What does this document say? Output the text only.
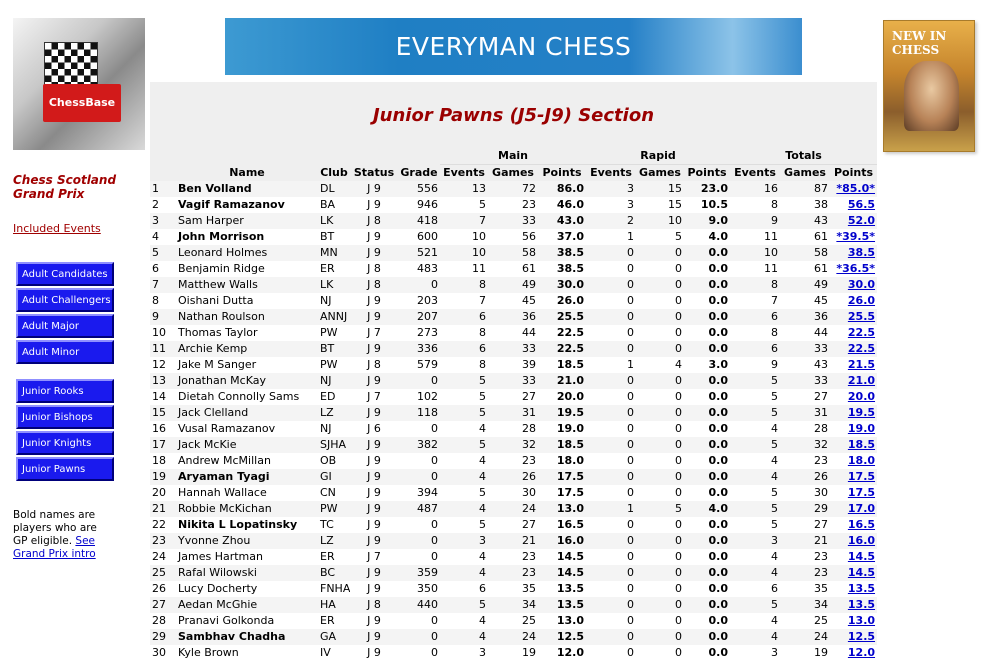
ChessBase
Chess Scotland Grand Prix
Included Events
Adult Candidates
Adult Challengers
Adult Major
Adult Minor
Junior Rooks
Junior Bishops
Junior Knights
Junior Pawns
Bold names are players who are GP eligible. See Grand Prix intro
EVERYMAN CHESS	NEW IN CHESS
Junior Pawns (J5-J9) Section
					Main			Rapid			Totals		
	Name	Club	Status	Grade	Events	Games	Points	Events	Games	Points	Events	Games	Points
1	Ben Volland	DL	J 9	556	13	72	86.0	3	15	23.0	16	87	*85.0*
2	Vagif Ramazanov	BA	J 9	946	5	23	46.0	3	15	10.5	8	38	56.5
3	Sam Harper	LK	J 8	418	7	33	43.0	2	10	9.0	9	43	52.0
4	John Morrison	BT	J 9	600	10	56	37.0	1	5	4.0	11	61	*39.5*
5	Leonard Holmes	MN	J 9	521	10	58	38.5	0	0	0.0	10	58	38.5
6	Benjamin Ridge	ER	J 8	483	11	61	38.5	0	0	0.0	11	61	*36.5*
7	Matthew Walls	LK	J 8	0	8	49	30.0	0	0	0.0	8	49	30.0
8	Oishani Dutta	NJ	J 9	203	7	45	26.0	0	0	0.0	7	45	26.0
9	Nathan Roulson	ANNJ	J 9	207	6	36	25.5	0	0	0.0	6	36	25.5
10	Thomas Taylor	PW	J 7	273	8	44	22.5	0	0	0.0	8	44	22.5
11	Archie Kemp	BT	J 9	336	6	33	22.5	0	0	0.0	6	33	22.5
12	Jake M Sanger	PW	J 8	579	8	39	18.5	1	4	3.0	9	43	21.5
13	Jonathan McKay	NJ	J 9	0	5	33	21.0	0	0	0.0	5	33	21.0
14	Dietah Connolly Sams	ED	J 7	102	5	27	20.0	0	0	0.0	5	27	20.0
15	Jack Clelland	LZ	J 9	118	5	31	19.5	0	0	0.0	5	31	19.5
16	Vusal Ramazanov	NJ	J 6	0	4	28	19.0	0	0	0.0	4	28	19.0
17	Jack McKie	SJHA	J 9	382	5	32	18.5	0	0	0.0	5	32	18.5
18	Andrew McMillan	OB	J 9	0	4	23	18.0	0	0	0.0	4	23	18.0
19	Aryaman Tyagi	GI	J 9	0	4	26	17.5	0	0	0.0	4	26	17.5
20	Hannah Wallace	CN	J 9	394	5	30	17.5	0	0	0.0	5	30	17.5
21	Robbie McKichan	PW	J 9	487	4	24	13.0	1	5	4.0	5	29	17.0
22	Nikita L Lopatinsky	TC	J 9	0	5	27	16.5	0	0	0.0	5	27	16.5
23	Yvonne Zhou	LZ	J 9	0	3	21	16.0	0	0	0.0	3	21	16.0
24	James Hartman	ER	J 7	0	4	23	14.5	0	0	0.0	4	23	14.5
25	Rafal Wilowski	BC	J 9	359	4	23	14.5	0	0	0.0	4	23	14.5
26	Lucy Docherty	FNHA	J 9	350	6	35	13.5	0	0	0.0	6	35	13.5
27	Aedan McGhie	HA	J 8	440	5	34	13.5	0	0	0.0	5	34	13.5
28	Pranavi Golkonda	ER	J 9	0	4	25	13.0	0	0	0.0	4	25	13.0
29	Sambhav Chadha	GA	J 9	0	4	24	12.5	0	0	0.0	4	24	12.5
30	Kyle Brown	IV	J 9	0	3	19	12.0	0	0	0.0	3	19	12.0
